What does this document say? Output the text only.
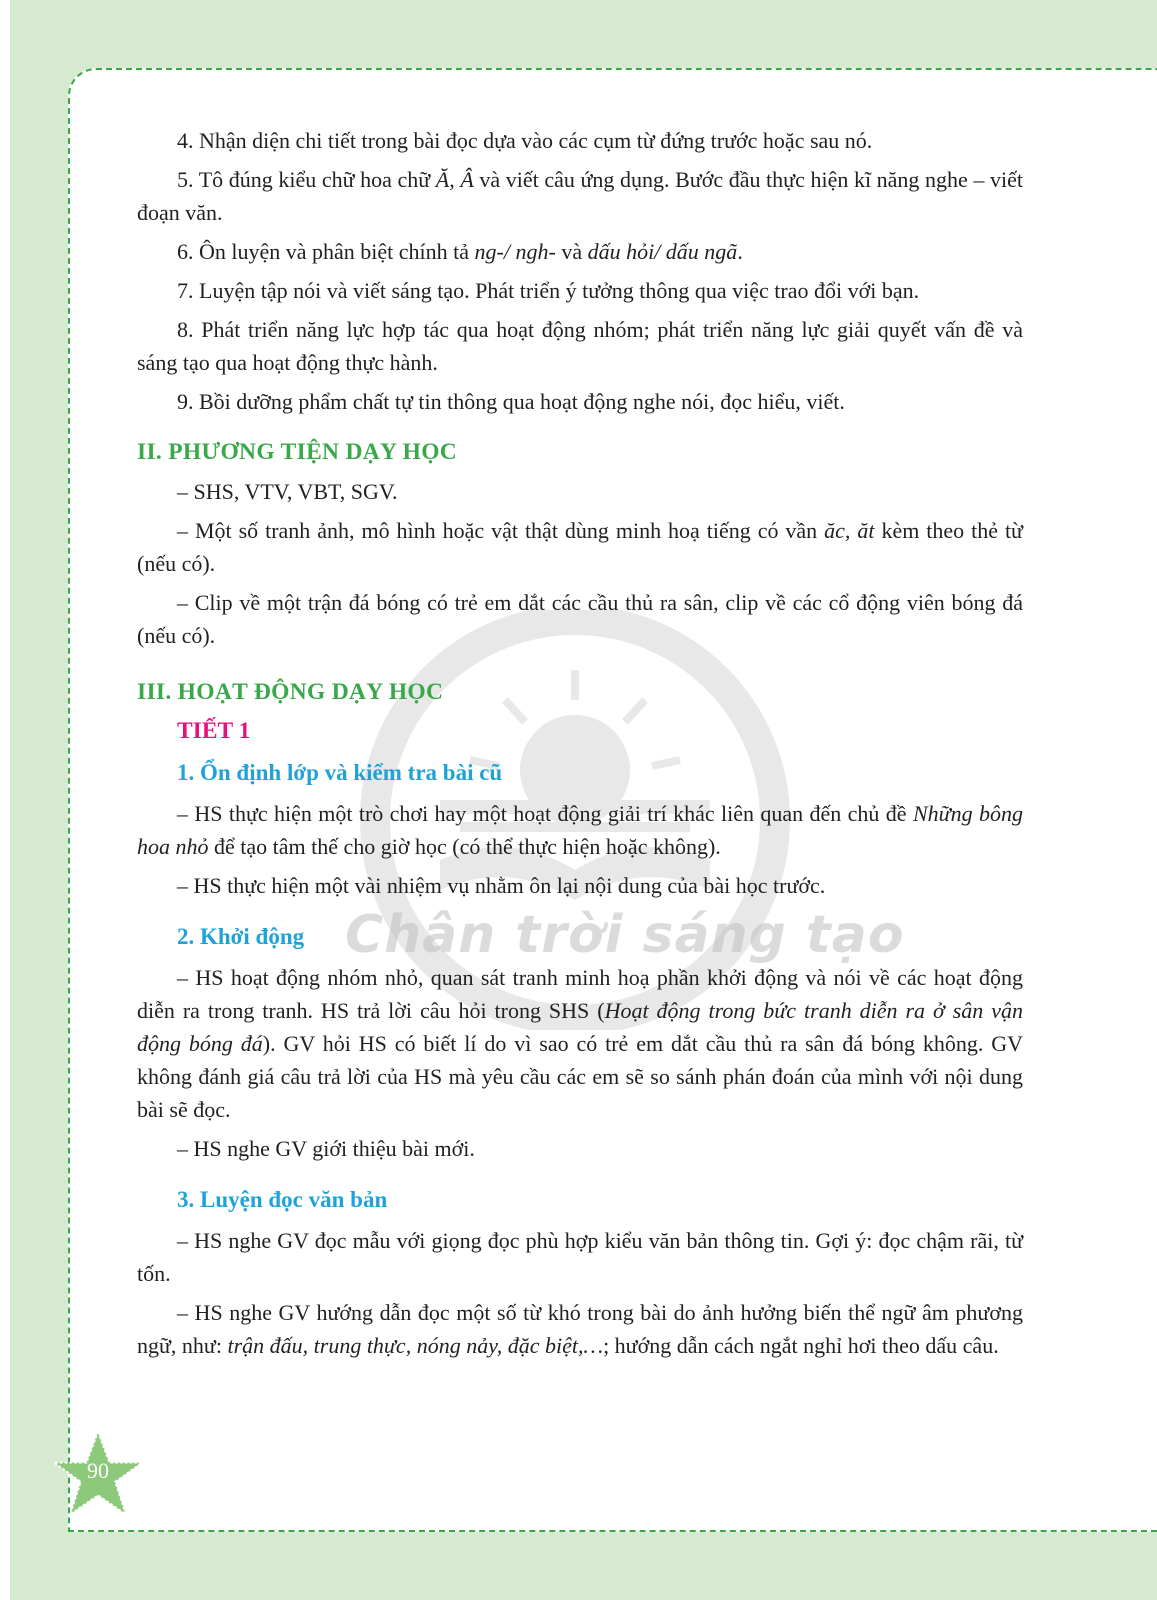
Chân trời sáng tạo
4. Nhận diện chi tiết trong bài đọc dựa vào các cụm từ đứng trước hoặc sau nó.
5. Tô đúng kiểu chữ hoa chữ Ă, Â và viết câu ứng dụng. Bước đầu thực hiện kĩ năng nghe – viết đoạn văn.
6. Ôn luyện và phân biệt chính tả ng-/ ngh- và dấu hỏi/ dấu ngã.
7. Luyện tập nói và viết sáng tạo. Phát triển ý tưởng thông qua việc trao đổi với bạn.
8. Phát triển năng lực hợp tác qua hoạt động nhóm; phát triển năng lực giải quyết vấn đề và sáng tạo qua hoạt động thực hành.
9. Bồi dưỡng phẩm chất tự tin thông qua hoạt động nghe nói, đọc hiểu, viết.
II. PHƯƠNG TIỆN DẠY HỌC
– SHS, VTV, VBT, SGV.
– Một số tranh ảnh, mô hình hoặc vật thật dùng minh hoạ tiếng có vần ăc, ăt kèm theo thẻ từ (nếu có).
– Clip về một trận đá bóng có trẻ em dắt các cầu thủ ra sân, clip về các cổ động viên bóng đá (nếu có).
III. HOẠT ĐỘNG DẠY HỌC
TIẾT 1
1. Ổn định lớp và kiểm tra bài cũ
– HS thực hiện một trò chơi hay một hoạt động giải trí khác liên quan đến chủ đề Những bông hoa nhỏ để tạo tâm thế cho giờ học (có thể thực hiện hoặc không).
– HS thực hiện một vài nhiệm vụ nhằm ôn lại nội dung của bài học trước.
2. Khởi động
– HS hoạt động nhóm nhỏ, quan sát tranh minh hoạ phần khởi động và nói về các hoạt động diễn ra trong tranh. HS trả lời câu hỏi trong SHS (Hoạt động trong bức tranh diễn ra ở sân vận động bóng đá). GV hỏi HS có biết lí do vì sao có trẻ em dắt cầu thủ ra sân đá bóng không. GV không đánh giá câu trả lời của HS mà yêu cầu các em sẽ so sánh phán đoán của mình với nội dung bài sẽ đọc.
– HS nghe GV giới thiệu bài mới.
3. Luyện đọc văn bản
– HS nghe GV đọc mẫu với giọng đọc phù hợp kiểu văn bản thông tin. Gợi ý: đọc chậm rãi, từ tốn.
– HS nghe GV hướng dẫn đọc một số từ khó trong bài do ảnh hưởng biến thể ngữ âm phương ngữ, như: trận đấu, trung thực, nóng nảy, đặc biệt,…; hướng dẫn cách ngắt nghỉ hơi theo dấu câu.
90
